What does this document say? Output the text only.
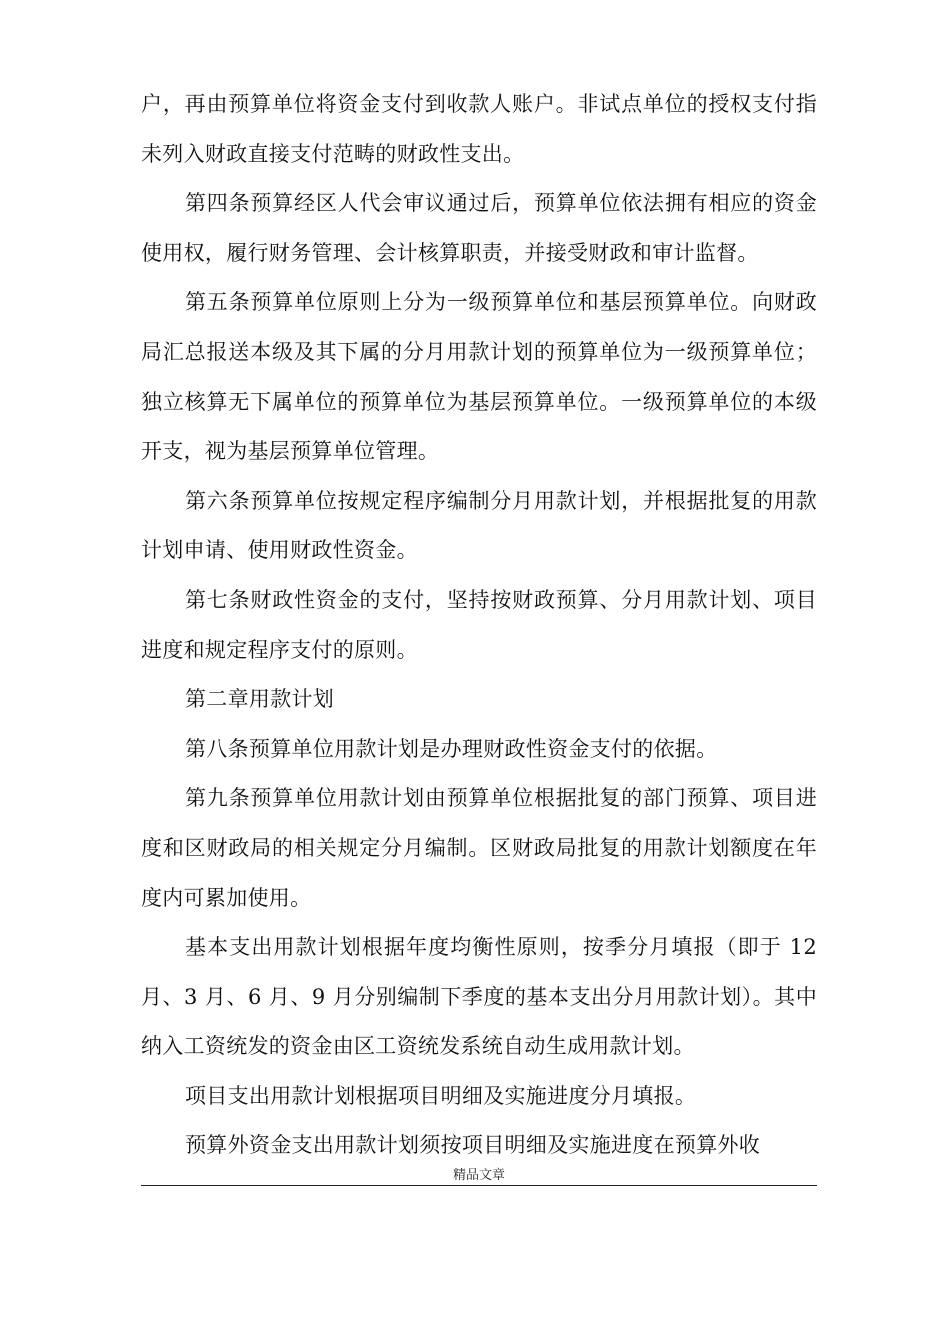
户，再由预算单位将资金支付到收款人账户。非试点单位的授权支付指未列入财政直接支付范畴的财政性支出。

第四条预算经区人代会审议通过后，预算单位依法拥有相应的资金使用权，履行财务管理、会计核算职责，并接受财政和审计监督。

第五条预算单位原则上分为一级预算单位和基层预算单位。向财政局汇总报送本级及其下属的分月用款计划的预算单位为一级预算单位；独立核算无下属单位的预算单位为基层预算单位。一级预算单位的本级开支，视为基层预算单位管理。

第六条预算单位按规定程序编制分月用款计划，并根据批复的用款计划申请、使用财政性资金。

第七条财政性资金的支付，坚持按财政预算、分月用款计划、项目进度和规定程序支付的原则。

第二章用款计划

第八条预算单位用款计划是办理财政性资金支付的依据。

第九条预算单位用款计划由预算单位根据批复的部门预算、项目进度和区财政局的相关规定分月编制。区财政局批复的用款计划额度在年度内可累加使用。

基本支出用款计划根据年度均衡性原则，按季分月填报（即于 12 月、3 月、6 月、9 月分别编制下季度的基本支出分月用款计划）。其中纳入工资统发的资金由区工资统发系统自动生成用款计划。

项目支出用款计划根据项目明细及实施进度分月填报。

预算外资金支出用款计划须按项目明细及实施进度在预算外收

精品文章
